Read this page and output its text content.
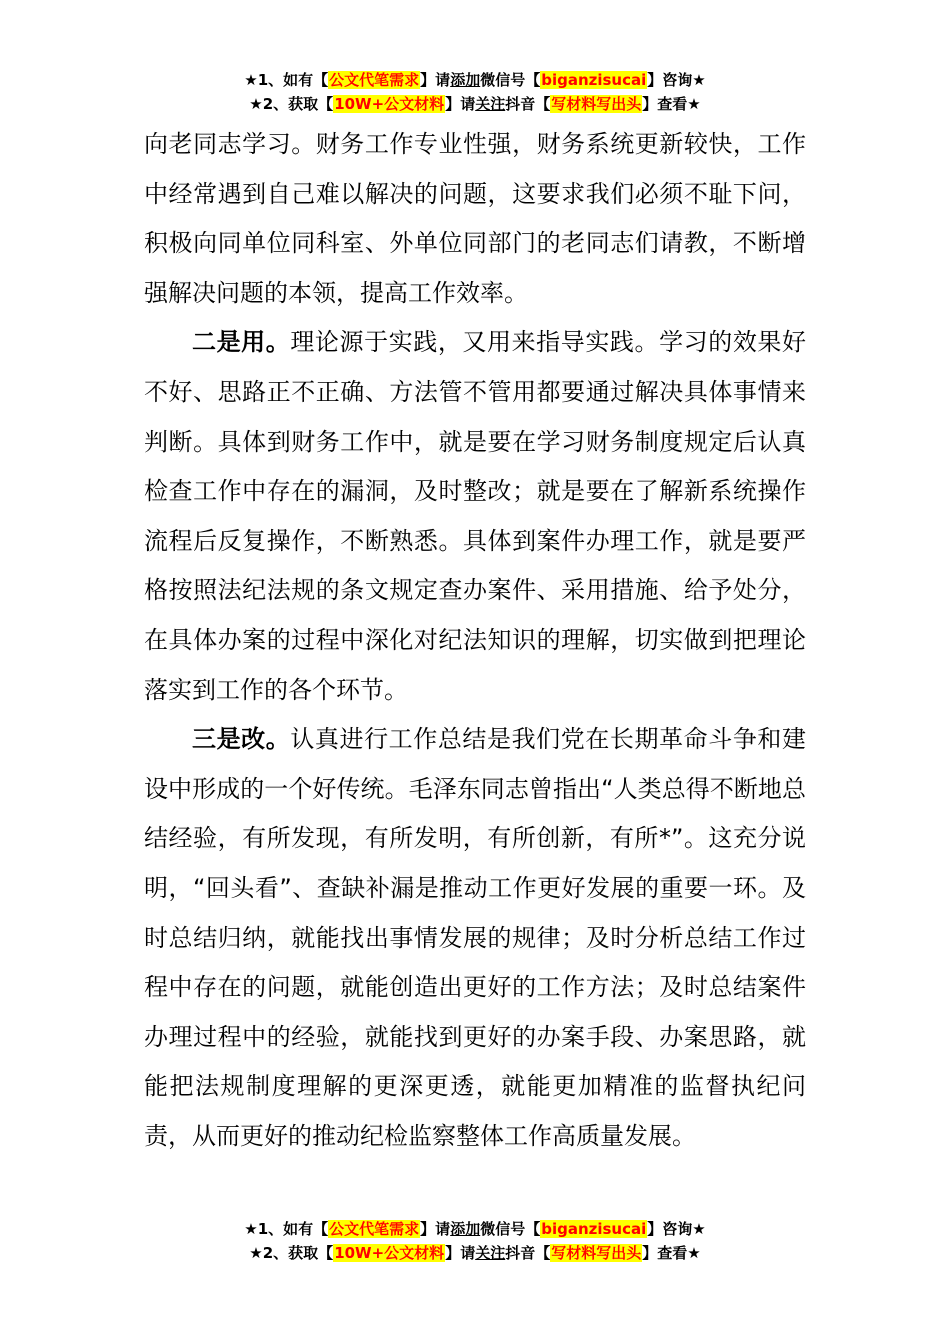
★1、如有【公文代笔需求】请添加微信号【biganzisucai】咨询★
★2、获取【10W+公文材料】请关注抖音【写材料写出头】查看★

向老同志学习。财务工作专业性强，财务系统更新较快，工作中经常遇到自己难以解决的问题，这要求我们必须不耻下问，积极向同单位同科室、外单位同部门的老同志们请教，不断增强解决问题的本领，提高工作效率。

二是用。理论源于实践，又用来指导实践。学习的效果好不好、思路正不正确、方法管不管用都要通过解决具体事情来判断。具体到财务工作中，就是要在学习财务制度规定后认真检查工作中存在的漏洞，及时整改；就是要在了解新系统操作流程后反复操作，不断熟悉。具体到案件办理工作，就是要严格按照法纪法规的条文规定查办案件、采用措施、给予处分，在具体办案的过程中深化对纪法知识的理解，切实做到把理论落实到工作的各个环节。

三是改。认真进行工作总结是我们党在长期革命斗争和建设中形成的一个好传统。毛泽东同志曾指出“人类总得不断地总结经验，有所发现，有所发明，有所创新，有所*”。这充分说明，“回头看”、查缺补漏是推动工作更好发展的重要一环。及时总结归纳，就能找出事情发展的规律；及时分析总结工作过程中存在的问题，就能创造出更好的工作方法；及时总结案件办理过程中的经验，就能找到更好的办案手段、办案思路，就能把法规制度理解的更深更透，就能更加精准的监督执纪问责，从而更好的推动纪检监察整体工作高质量发展。

★1、如有【公文代笔需求】请添加微信号【biganzisucai】咨询★
★2、获取【10W+公文材料】请关注抖音【写材料写出头】查看★
